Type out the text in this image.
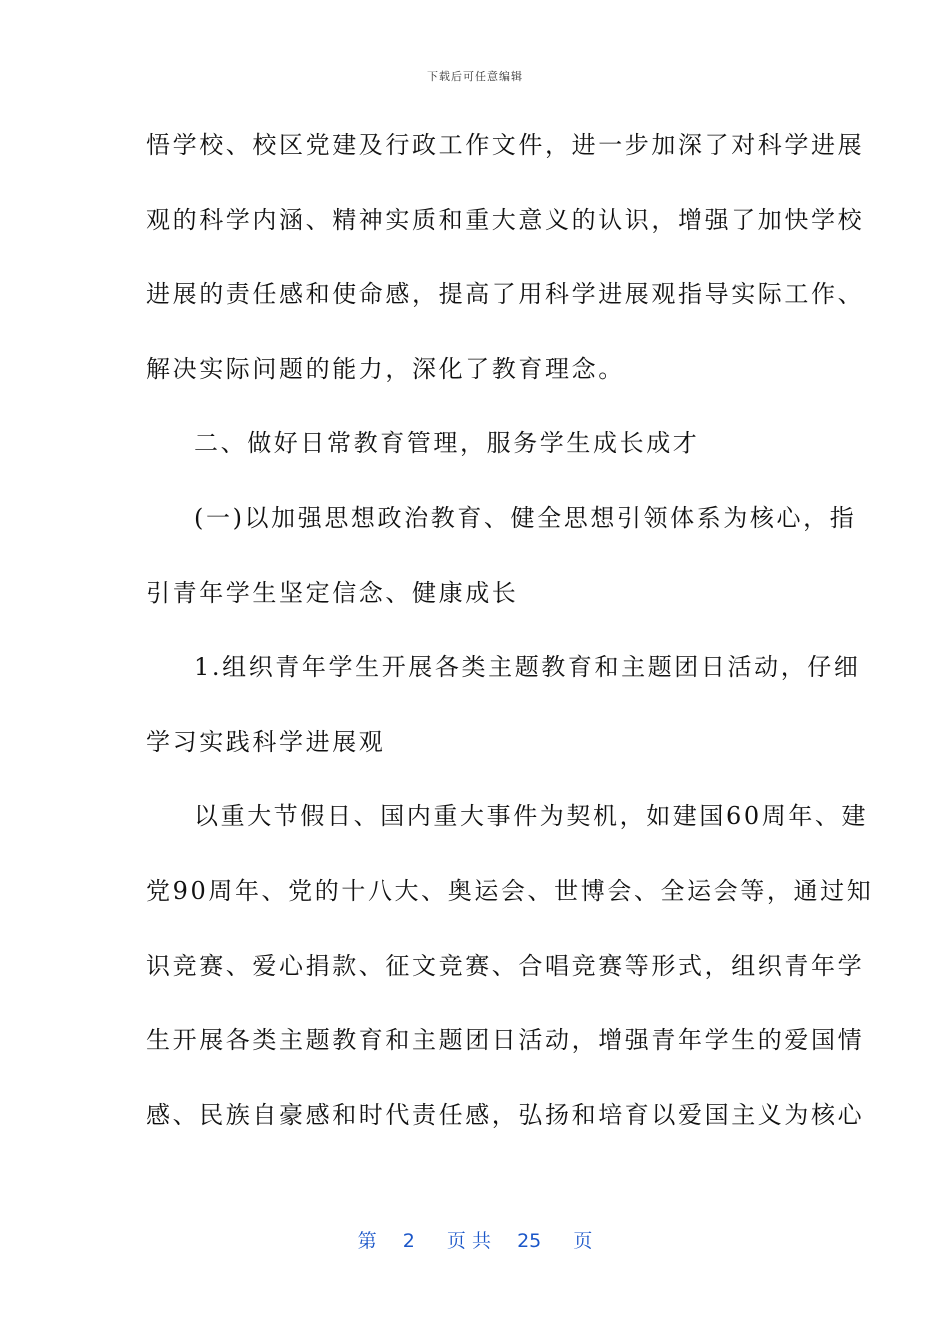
下载后可任意编辑
悟学校、校区党建及行政工作文件，进一步加深了对科学进展
观的科学内涵、精神实质和重大意义的认识，增强了加快学校
进展的责任感和使命感，提高了用科学进展观指导实际工作、
解决实际问题的能力，深化了教育理念。
二、做好日常教育管理，服务学生成长成才
(一)以加强思想政治教育、健全思想引领体系为核心，指
引青年学生坚定信念、健康成长
1.组织青年学生开展各类主题教育和主题团日活动，仔细
学习实践科学进展观
以重大节假日、国内重大事件为契机，如建国60周年、建
党90周年、党的十八大、奥运会、世博会、全运会等，通过知
识竞赛、爱心捐款、征文竞赛、合唱竞赛等形式，组织青年学
生开展各类主题教育和主题团日活动，增强青年学生的爱国情
感、民族自豪感和时代责任感，弘扬和培育以爱国主义为核心
第 2 页 共 25 页
